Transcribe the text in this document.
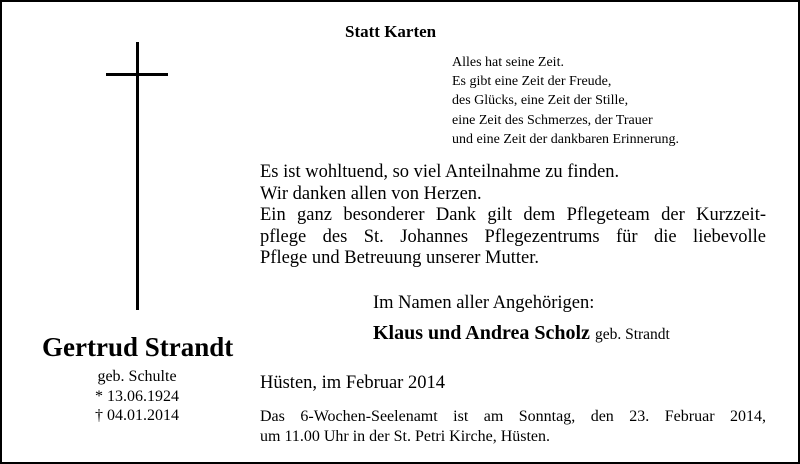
Statt Karten
Alles hat seine Zeit.
Es gibt eine Zeit der Freude,
des Glücks, eine Zeit der Stille,
eine Zeit des Schmerzes, der Trauer
und eine Zeit der dankbaren Erinnerung.
Es ist wohltuend, so viel Anteilnahme zu finden.
Wir danken allen von Herzen.
Ein ganz besonderer Dank gilt dem Pflegeteam der Kurzzeit-
pflege des St. Johannes Pflegezentrums für die liebevolle
Pflege und Betreuung unserer Mutter.
Im Namen aller Angehörigen:
Klaus und Andrea Scholz geb. Strandt
Gertrud Strandt
geb. Schulte
* 13.06.1924
† 04.01.2014
Hüsten, im Februar 2014
Das 6-Wochen-Seelenamt ist am Sonntag, den 23. Februar 2014,
um 11.00 Uhr in der St. Petri Kirche, Hüsten.
